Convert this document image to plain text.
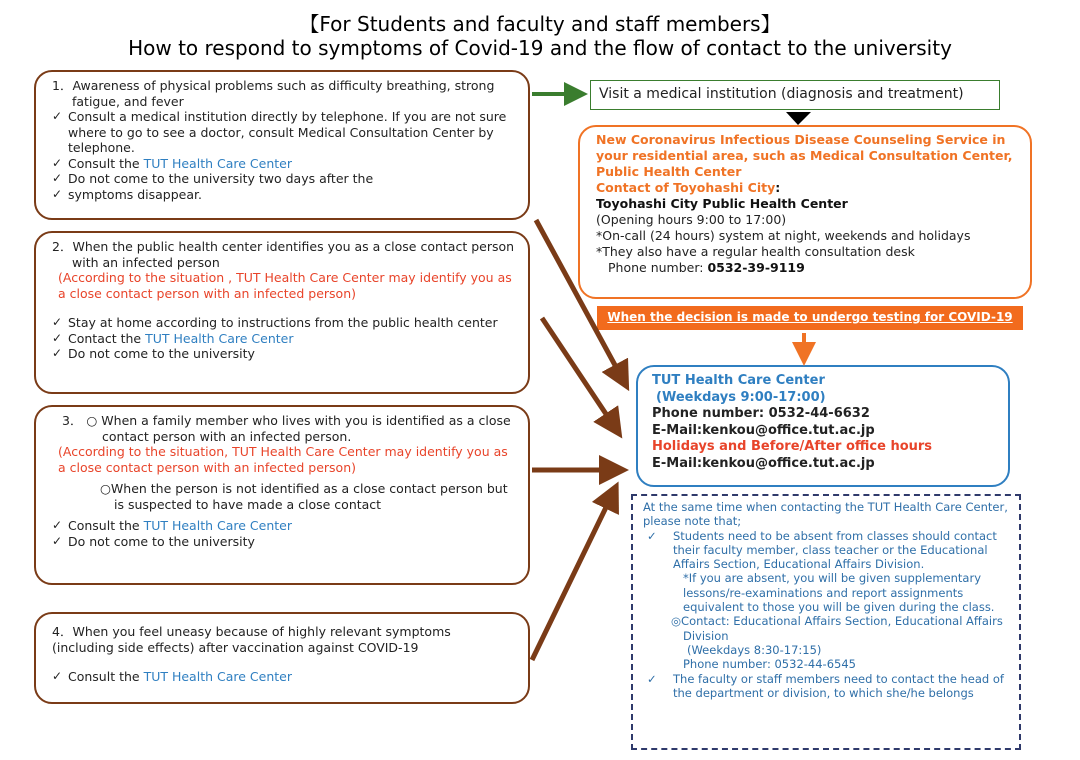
【For Students and faculty and staff members】
How to respond to symptoms of Covid-19 and the flow of contact to the university

1．Awareness of physical problems such as difficulty breathing, strong fatigue, and fever

✓ Consult a medical institution directly by telephone. If you are not sure where to go to see a doctor, consult Medical Consultation Center by telephone.

✓ Consult the TUT Health Care Center

✓ Do not come to the university two days after the

✓ symptoms disappear.

2．When the public health center identifies you as a close contact person with an infected person

(According to the situation , TUT Health Care Center may identify you as a close contact person with an infected person)

✓ Stay at home according to instructions from the public health center

✓ Contact the TUT Health Care Center

✓ Do not come to the university

3． ○ When a family member who lives with you is identified as a close contact person with an infected person.

(According to the situation, TUT Health Care Center may identify you as a close contact person with an infected person)

○When the person is not identified as a close contact person but is suspected to have made a close contact

✓ Consult the TUT Health Care Center

✓ Do not come to the university

4．When you feel uneasy because of highly relevant symptoms (including side effects) after vaccination against COVID-19

✓ Consult the TUT Health Care Center

Visit a medical institution (diagnosis and treatment)
New Coronavirus Infectious Disease Counseling Service in your residential area, such as Medical Consultation Center, Public Health Center
Contact of Toyohashi City:
Toyohashi City Public Health Center
(Opening hours 9:00 to 17:00)
*On-call (24 hours) system at night, weekends and holidays
*They also have a regular health consultation desk
Phone number: 0532-39-9119
When the decision is made to undergo testing for COVID-19
TUT Health Care Center
(Weekdays 9:00-17:00)
Phone number: 0532-44-6632
E-Mail:kenkou@office.tut.ac.jp
Holidays and Before/After office hours
E-Mail:kenkou@office.tut.ac.jp

At the same time when contacting the TUT Health Care Center, please note that;

✓ Students need to be absent from classes should contact their faculty member, class teacher or the Educational Affairs Section, Educational Affairs Division.

*If you are absent, you will be given supplementary lessons/re-examinations and report assignments equivalent to those you will be given during the class.

◎Contact: Educational Affairs Section, Educational Affairs Division

(Weekdays 8:30-17:15)

Phone number: 0532-44-6545

✓ The faculty or staff members need to contact the head of the department or division, to which she/he belongs
